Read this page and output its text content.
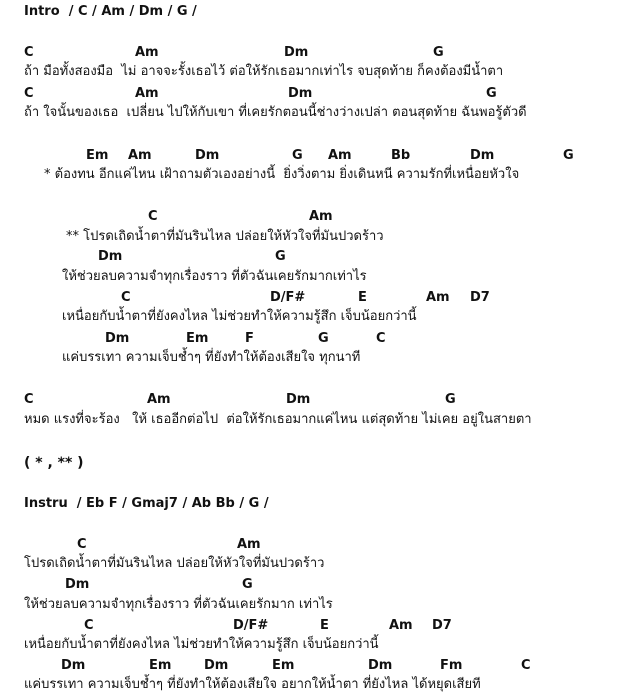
Intro  / C / Am / Dm / G /
C	Am	Dm	G
ถ้า มือทั้งสองมือ  ไม่ อาจจะรั้งเธอไว้ ต่อให้รักเธอมากเท่าไร จบสุดท้าย ก็คงต้องมีน้ำตา
C	Am	Dm	G
ถ้า ใจนั้นของเธอ  เปลี่ยน ไปให้กับเขา ที่เคยรักตอนนี้ช่างว่างเปล่า ตอนสุดท้าย ฉันพอรู้ตัวดี
Em Am	Dm	G Am	Bb	Dm	G
* ต้องทน อีกแค่ไหน เฝ้าถามตัวเองอย่างนี้  ยิ่งวิ่งตาม ยิ่งเดินหนี ความรักที่เหนื่อยหัวใจ
C	Am
** โปรดเถิดน้ำตาที่มันรินไหล ปล่อยให้หัวใจที่มันปวดร้าว
Dm	G
ให้ช่วยลบความจำทุกเรื่องราว ที่ตัวฉันเคยรักมากเท่าไร
C	D/F#	E	Am D7
เหนื่อยกับน้ำตาที่ยังคงไหล ไม่ช่วยทำให้ความรู้สึก เจ็บน้อยกว่านี้
Dm	Em	F	G	C
แค่บรรเทา ความเจ็บช้ำๆ ที่ยังทำให้ต้องเสียใจ ทุกนาที
C	Am	Dm	G
หมด แรงที่จะร้อง   ให้ เธออีกต่อไป  ต่อให้รักเธอมากแค่ไหน แต่สุดท้าย ไม่เคย อยู่ในสายตา
( * , ** )
Instru  / Eb F / Gmaj7 / Ab Bb / G /
C	Am
โปรดเถิดน้ำตาที่มันรินไหล ปล่อยให้หัวใจที่มันปวดร้าว
Dm	G
ให้ช่วยลบความจำทุกเรื่องราว ที่ตัวฉันเคยรักมาก เท่าไร
C	D/F#	E	Am D7
เหนื่อยกับน้ำตาที่ยังคงไหล ไม่ช่วยทำให้ความรู้สึก เจ็บน้อยกว่านี้
Dm	Em	Dm	Em	Dm	Fm	C
แค่บรรเทา ความเจ็บช้ำๆ ที่ยังทำให้ต้องเสียใจ อยากให้น้ำตา ที่ยังไหล ได้หยุดเสียที
